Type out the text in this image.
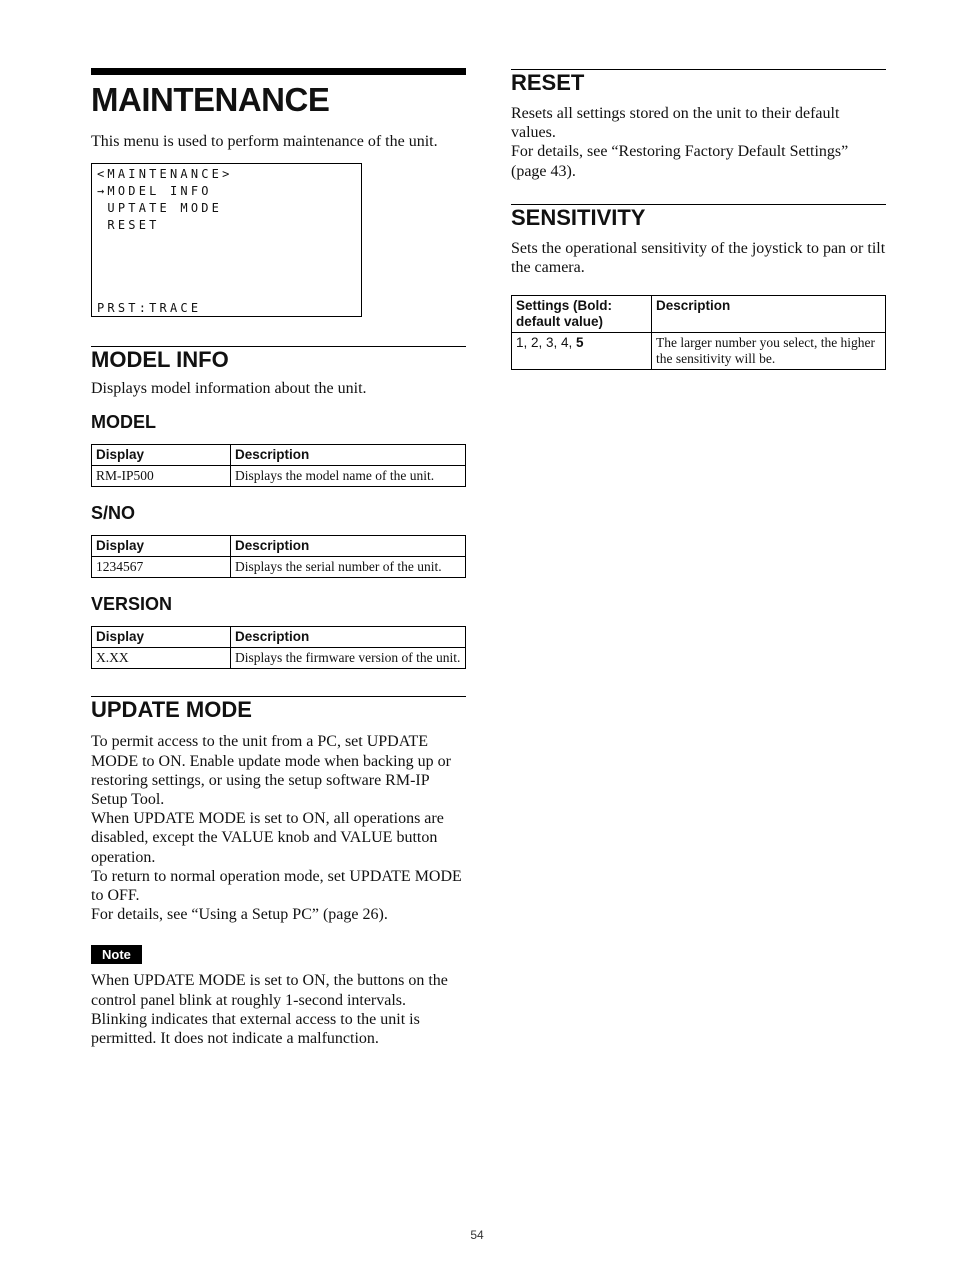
MAINTENANCE

This menu is used to perform maintenance of the unit.

<MAINTENANCE>
→MODEL INFO
UPTATE MODE
RESET
PRST:TRACE
MODEL INFO

Displays model information about the unit.

MODEL
Display	Description
RM-IP500	Displays the model name of the unit.
S/NO
Display	Description
1234567	Displays the serial number of the unit.
VERSION
Display	Description
X.XX	Displays the firmware version of the unit.
UPDATE MODE

To permit access to the unit from a PC, set UPDATE MODE to ON. Enable update mode when backing up or restoring settings, or using the setup software RM-IP Setup Tool.

When UPDATE MODE is set to ON, all operations are disabled, except the VALUE knob and VALUE button operation.

To return to normal operation mode, set UPDATE MODE to OFF.

For details, see “Using a Setup PC” (page 26).

Note

When UPDATE MODE is set to ON, the buttons on the control panel blink at roughly 1-second intervals. Blinking indicates that external access to the unit is permitted. It does not indicate a malfunction.

RESET

Resets all settings stored on the unit to their default values.

For details, see “Restoring Factory Default Settings” (page 43).

SENSITIVITY

Sets the operational sensitivity of the joystick to pan or tilt the camera.

Settings (Bold: default value)	Description
1, 2, 3, 4, 5	The larger number you select, the higher the sensitivity will be.
54
